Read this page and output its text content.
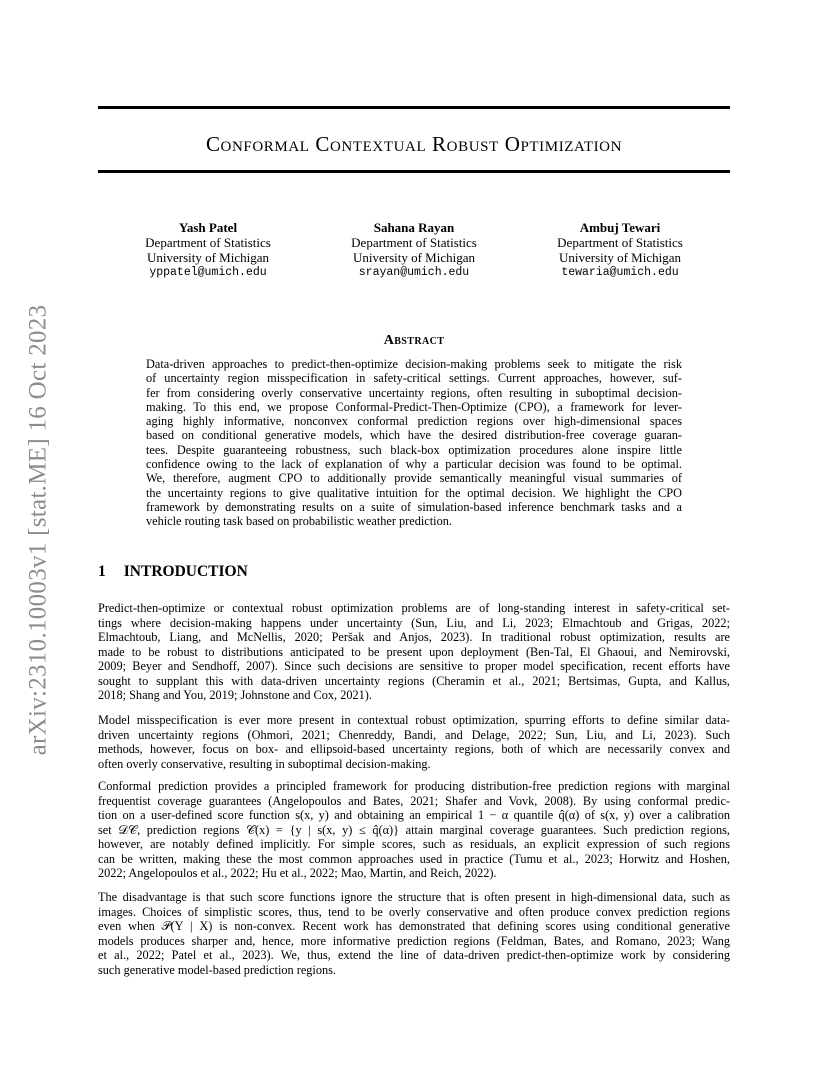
arXiv:2310.10003v1 [stat.ME] 16 Oct 2023
Conformal Contextual Robust Optimization
Yash Patel
Department of Statistics
University of Michigan
yppatel@umich.edu
Sahana Rayan
Department of Statistics
University of Michigan
srayan@umich.edu
Ambuj Tewari
Department of Statistics
University of Michigan
tewaria@umich.edu
Abstract
Data-driven approaches to predict-then-optimize decision-making problems seek to mitigate the risk
of uncertainty region misspecification in safety-critical settings. Current approaches, however, suf-
fer from considering overly conservative uncertainty regions, often resulting in suboptimal decision-
making. To this end, we propose Conformal-Predict-Then-Optimize (CPO), a framework for lever-
aging highly informative, nonconvex conformal prediction regions over high-dimensional spaces
based on conditional generative models, which have the desired distribution-free coverage guaran-
tees. Despite guaranteeing robustness, such black-box optimization procedures alone inspire little
confidence owing to the lack of explanation of why a particular decision was found to be optimal.
We, therefore, augment CPO to additionally provide semantically meaningful visual summaries of
the uncertainty regions to give qualitative intuition for the optimal decision. We highlight the CPO
framework by demonstrating results on a suite of simulation-based inference benchmark tasks and a
vehicle routing task based on probabilistic weather prediction.
1 INTRODUCTION
Predict-then-optimize or contextual robust optimization problems are of long-standing interest in safety-critical set-
tings where decision-making happens under uncertainty (Sun, Liu, and Li, 2023; Elmachtoub and Grigas, 2022;
Elmachtoub, Liang, and McNellis, 2020; Peršak and Anjos, 2023). In traditional robust optimization, results are
made to be robust to distributions anticipated to be present upon deployment (Ben-Tal, El Ghaoui, and Nemirovski,
2009; Beyer and Sendhoff, 2007). Since such decisions are sensitive to proper model specification, recent efforts have
sought to supplant this with data-driven uncertainty regions (Cheramin et al., 2021; Bertsimas, Gupta, and Kallus,
2018; Shang and You, 2019; Johnstone and Cox, 2021).
Model misspecification is ever more present in contextual robust optimization, spurring efforts to define similar data-
driven uncertainty regions (Ohmori, 2021; Chenreddy, Bandi, and Delage, 2022; Sun, Liu, and Li, 2023). Such
methods, however, focus on box- and ellipsoid-based uncertainty regions, both of which are necessarily convex and
often overly conservative, resulting in suboptimal decision-making.
Conformal prediction provides a principled framework for producing distribution-free prediction regions with marginal
frequentist coverage guarantees (Angelopoulos and Bates, 2021; Shafer and Vovk, 2008). By using conformal predic-
tion on a user-defined score function s(x, y) and obtaining an empirical 1 − α quantile q̂(α) of s(x, y) over a calibration
set 𝒟𝒞, prediction regions 𝒞(x) = {y | s(x, y) ≤ q̂(α)} attain marginal coverage guarantees. Such prediction regions,
however, are notably defined implicitly. For simple scores, such as residuals, an explicit expression of such regions
can be written, making these the most common approaches used in practice (Tumu et al., 2023; Horwitz and Hoshen,
2022; Angelopoulos et al., 2022; Hu et al., 2022; Mao, Martin, and Reich, 2022).
The disadvantage is that such score functions ignore the structure that is often present in high-dimensional data, such as
images. Choices of simplistic scores, thus, tend to be overly conservative and often produce convex prediction regions
even when 𝒫(Y | X) is non-convex. Recent work has demonstrated that defining scores using conditional generative
models produces sharper and, hence, more informative prediction regions (Feldman, Bates, and Romano, 2023; Wang
et al., 2022; Patel et al., 2023). We, thus, extend the line of data-driven predict-then-optimize work by considering
such generative model-based prediction regions.
